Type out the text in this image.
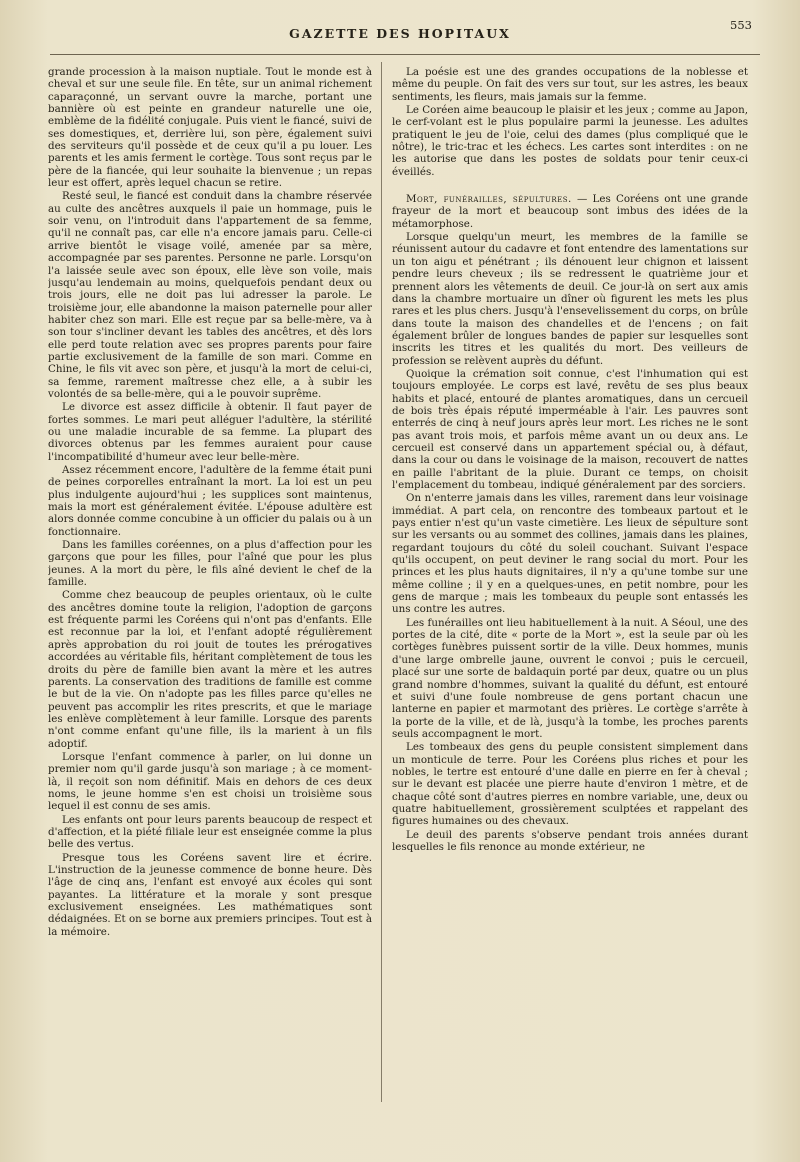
GAZETTE DES HOPITAUX
553

grande procession à la maison nuptiale. Tout le monde est à cheval et sur une seule file. En tête, sur un animal richement caparaçonné, un servant ouvre la marche, portant une bannière où est peinte en grandeur naturelle une oie, emblème de la fidélité conjugale. Puis vient le fiancé, suivi de ses domestiques, et, derrière lui, son père, également suivi des serviteurs qu'il possède et de ceux qu'il a pu louer. Les parents et les amis ferment le cortège. Tous sont reçus par le père de la fiancée, qui leur souhaite la bienvenue ; un repas leur est offert, après lequel chacun se retire.

Resté seul, le fiancé est conduit dans la chambre réservée au culte des ancêtres auxquels il paie un hommage, puis le soir venu, on l'introduit dans l'appartement de sa femme, qu'il ne connaît pas, car elle n'a encore jamais paru. Celle-ci arrive bientôt le visage voilé, amenée par sa mère, accompagnée par ses parentes. Personne ne parle. Lorsqu'on l'a laissée seule avec son époux, elle lève son voile, mais jusqu'au lendemain au moins, quelquefois pendant deux ou trois jours, elle ne doit pas lui adresser la parole. Le troisième jour, elle abandonne la maison paternelle pour aller habiter chez son mari. Elle est reçue par sa belle-mère, va à son tour s'incliner devant les tables des ancêtres, et dès lors elle perd toute relation avec ses propres parents pour faire partie exclusivement de la famille de son mari. Comme en Chine, le fils vit avec son père, et jusqu'à la mort de celui-ci, sa femme, rarement maîtresse chez elle, a à subir les volontés de sa belle-mère, qui a le pouvoir suprême.

Le divorce est assez difficile à obtenir. Il faut payer de fortes sommes. Le mari peut alléguer l'adultère, la stérilité ou une maladie incurable de sa femme. La plupart des divorces obtenus par les femmes auraient pour cause l'incompatibilité d'humeur avec leur belle-mère.

Assez récemment encore, l'adultère de la femme était puni de peines corporelles entraînant la mort. La loi est un peu plus indulgente aujourd'hui ; les supplices sont maintenus, mais la mort est généralement évitée. L'épouse adultère est alors donnée comme concubine à un officier du palais ou à un fonctionnaire.

Dans les familles coréennes, on a plus d'affection pour les garçons que pour les filles, pour l'aîné que pour les plus jeunes. A la mort du père, le fils aîné devient le chef de la famille.

Comme chez beaucoup de peuples orientaux, où le culte des ancêtres domine toute la religion, l'adoption de garçons est fréquente parmi les Coréens qui n'ont pas d'enfants. Elle est reconnue par la loi, et l'enfant adopté régulièrement après approbation du roi jouit de toutes les prérogatives accordées au véritable fils, héritant complètement de tous les droits du père de famille bien avant la mère et les autres parents. La conservation des traditions de famille est comme le but de la vie. On n'adopte pas les filles parce qu'elles ne peuvent pas accomplir les rites prescrits, et que le mariage les enlève complètement à leur famille. Lorsque des parents n'ont comme enfant qu'une fille, ils la marient à un fils adoptif.

Lorsque l'enfant commence à parler, on lui donne un premier nom qu'il garde jusqu'à son mariage ; à ce moment-là, il reçoit son nom définitif. Mais en dehors de ces deux noms, le jeune homme s'en est choisi un troisième sous lequel il est connu de ses amis.

Les enfants ont pour leurs parents beaucoup de respect et d'affection, et la piété filiale leur est enseignée comme la plus belle des vertus.

Presque tous les Coréens savent lire et écrire. L'instruction de la jeunesse commence de bonne heure. Dès l'âge de cinq ans, l'enfant est envoyé aux écoles qui sont payantes. La littérature et la morale y sont presque exclusivement enseignées. Les mathématiques sont dédaignées. Et on se borne aux premiers principes. Tout est à la mémoire.

La poésie est une des grandes occupations de la noblesse et même du peuple. On fait des vers sur tout, sur les astres, les beaux sentiments, les fleurs, mais jamais sur la femme.

Le Coréen aime beaucoup le plaisir et les jeux ; comme au Japon, le cerf-volant est le plus populaire parmi la jeunesse. Les adultes pratiquent le jeu de l'oie, celui des dames (plus compliqué que le nôtre), le tric-trac et les échecs. Les cartes sont interdites : on ne les autorise que dans les postes de soldats pour tenir ceux-ci éveillés.

Mort, funérailles, sépultures. — Les Coréens ont une grande frayeur de la mort et beaucoup sont imbus des idées de la métamorphose.

Lorsque quelqu'un meurt, les membres de la famille se réunissent autour du cadavre et font entendre des lamentations sur un ton aigu et pénétrant ; ils dénouent leur chignon et laissent pendre leurs cheveux ; ils se redressent le quatrième jour et prennent alors les vêtements de deuil. Ce jour-là on sert aux amis dans la chambre mortuaire un dîner où figurent les mets les plus rares et les plus chers. Jusqu'à l'ensevelissement du corps, on brûle dans toute la maison des chandelles et de l'encens ; on fait également brûler de longues bandes de papier sur lesquelles sont inscrits les titres et les qualités du mort. Des veilleurs de profession se relèvent auprès du défunt.

Quoique la crémation soit connue, c'est l'inhumation qui est toujours employée. Le corps est lavé, revêtu de ses plus beaux habits et placé, entouré de plantes aromatiques, dans un cercueil de bois très épais réputé imperméable à l'air. Les pauvres sont enterrés de cinq à neuf jours après leur mort. Les riches ne le sont pas avant trois mois, et parfois même avant un ou deux ans. Le cercueil est conservé dans un appartement spécial ou, à défaut, dans la cour ou dans le voisinage de la maison, recouvert de nattes en paille l'abritant de la pluie. Durant ce temps, on choisit l'emplacement du tombeau, indiqué généralement par des sorciers.

On n'enterre jamais dans les villes, rarement dans leur voisinage immédiat. A part cela, on rencontre des tombeaux partout et le pays entier n'est qu'un vaste cimetière. Les lieux de sépulture sont sur les versants ou au sommet des collines, jamais dans les plaines, regardant toujours du côté du soleil couchant. Suivant l'espace qu'ils occupent, on peut deviner le rang social du mort. Pour les princes et les plus hauts dignitaires, il n'y a qu'une tombe sur une même colline ; il y en a quelques-unes, en petit nombre, pour les gens de marque ; mais les tombeaux du peuple sont entassés les uns contre les autres.

Les funérailles ont lieu habituellement à la nuit. A Séoul, une des portes de la cité, dite « porte de la Mort », est la seule par où les cortèges funèbres puissent sortir de la ville. Deux hommes, munis d'une large ombrelle jaune, ouvrent le convoi ; puis le cercueil, placé sur une sorte de baldaquin porté par deux, quatre ou un plus grand nombre d'hommes, suivant la qualité du défunt, est entouré et suivi d'une foule nombreuse de gens portant chacun une lanterne en papier et marmotant des prières. Le cortège s'arrête à la porte de la ville, et de là, jusqu'à la tombe, les proches parents seuls accompagnent le mort.

Les tombeaux des gens du peuple consistent simplement dans un monticule de terre. Pour les Coréens plus riches et pour les nobles, le tertre est entouré d'une dalle en pierre en fer à cheval ; sur le devant est placée une pierre haute d'environ 1 mètre, et de chaque côté sont d'autres pierres en nombre variable, une, deux ou quatre habituellement, grossièrement sculptées et rappelant des figures humaines ou des chevaux.

Le deuil des parents s'observe pendant trois années durant lesquelles le fils renonce au monde extérieur, ne
